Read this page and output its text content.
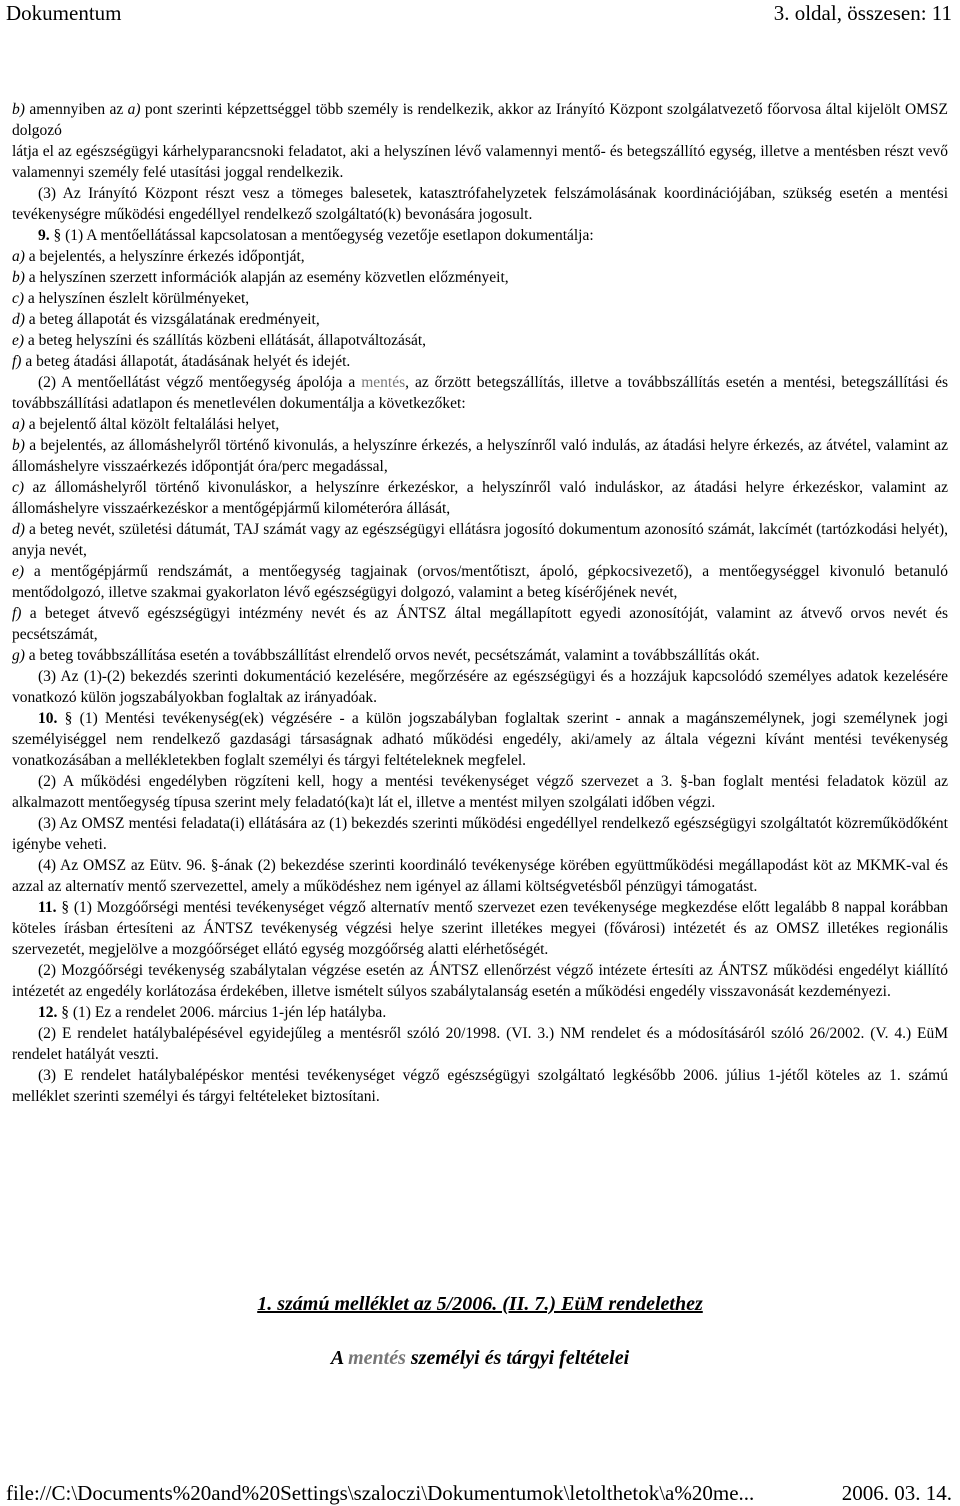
Dokumentum	3. oldal, összesen: 11

b) amennyiben az a) pont szerinti képzettséggel több személy is rendelkezik, akkor az Irányító Központ szolgálatvezető főorvosa által kijelölt OMSZ dolgozó

látja el az egészségügyi kárhelyparancsnoki feladatot, aki a helyszínen lévő valamennyi mentő- és betegszállító egység, illetve a mentésben részt vevő valamennyi személy felé utasítási joggal rendelkezik.

(3) Az Irányító Központ részt vesz a tömeges balesetek, katasztrófahelyzetek felszámolásának koordinációjában, szükség esetén a mentési tevékenységre működési engedéllyel rendelkező szolgáltató(k) bevonására jogosult.

9. § (1) A mentőellátással kapcsolatosan a mentőegység vezetője esetlapon dokumentálja:

a) a bejelentés, a helyszínre érkezés időpontját,

b) a helyszínen szerzett információk alapján az esemény közvetlen előzményeit,

c) a helyszínen észlelt körülményeket,

d) a beteg állapotát és vizsgálatának eredményeit,

e) a beteg helyszíni és szállítás közbeni ellátását, állapotváltozását,

f) a beteg átadási állapotát, átadásának helyét és idejét.

(2) A mentőellátást végző mentőegység ápolója a mentés, az őrzött betegszállítás, illetve a továbbszállítás esetén a mentési, betegszállítási és továbbszállítási adatlapon és menetlevélen dokumentálja a következőket:

a) a bejelentő által közölt feltalálási helyet,

b) a bejelentés, az állomáshelyről történő kivonulás, a helyszínre érkezés, a helyszínről való indulás, az átadási helyre érkezés, az átvétel, valamint az állomáshelyre visszaérkezés időpontját óra/perc megadással,

c) az állomáshelyről történő kivonuláskor, a helyszínre érkezéskor, a helyszínről való induláskor, az átadási helyre érkezéskor, valamint az állomáshelyre visszaérkezéskor a mentőgépjármű kilométeróra állását,

d) a beteg nevét, születési dátumát, TAJ számát vagy az egészségügyi ellátásra jogosító dokumentum azonosító számát, lakcímét (tartózkodási helyét), anyja nevét,

e) a mentőgépjármű rendszámát, a mentőegység tagjainak (orvos/mentőtiszt, ápoló, gépkocsivezető), a mentőegységgel kivonuló betanuló mentődolgozó, illetve szakmai gyakorlaton lévő egészségügyi dolgozó, valamint a beteg kísérőjének nevét,

f) a beteget átvevő egészségügyi intézmény nevét és az ÁNTSZ által megállapított egyedi azonosítóját, valamint az átvevő orvos nevét és pecsétszámát,

g) a beteg továbbszállítása esetén a továbbszállítást elrendelő orvos nevét, pecsétszámát, valamint a továbbszállítás okát.

(3) Az (1)-(2) bekezdés szerinti dokumentáció kezelésére, megőrzésére az egészségügyi és a hozzájuk kapcsolódó személyes adatok kezelésére vonatkozó külön jogszabályokban foglaltak az irányadóak.

10. § (1) Mentési tevékenység(ek) végzésére - a külön jogszabályban foglaltak szerint - annak a magánszemélynek, jogi személynek jogi személyiséggel nem rendelkező gazdasági társaságnak adható működési engedély, aki/amely az általa végezni kívánt mentési tevékenység vonatkozásában a mellékletekben foglalt személyi és tárgyi feltételeknek megfelel.

(2) A működési engedélyben rögzíteni kell, hogy a mentési tevékenységet végző szervezet a 3. §-ban foglalt mentési feladatok közül az alkalmazott mentőegység típusa szerint mely feladató(ka)t lát el, illetve a mentést milyen szolgálati időben végzi.

(3) Az OMSZ mentési feladata(i) ellátására az (1) bekezdés szerinti működési engedéllyel rendelkező egészségügyi szolgáltatót közreműködőként igénybe veheti.

(4) Az OMSZ az Eütv. 96. §-ának (2) bekezdése szerinti koordináló tevékenysége körében együttműködési megállapodást köt az MKMK-val és azzal az alternatív mentő szervezettel, amely a működéshez nem igényel az állami költségvetésből pénzügyi támogatást.

11. § (1) Mozgóőrségi mentési tevékenységet végző alternatív mentő szervezet ezen tevékenysége megkezdése előtt legalább 8 nappal korábban köteles írásban értesíteni az ÁNTSZ tevékenység végzési helye szerint illetékes megyei (fővárosi) intézetét és az OMSZ illetékes regionális szervezetét, megjelölve a mozgóőrséget ellátó egység mozgóőrség alatti elérhetőségét.

(2) Mozgóőrségi tevékenység szabálytalan végzése esetén az ÁNTSZ ellenőrzést végző intézete értesíti az ÁNTSZ működési engedélyt kiállító intézetét az engedély korlátozása érdekében, illetve ismételt súlyos szabálytalanság esetén a működési engedély visszavonását kezdeményezi.

12. § (1) Ez a rendelet 2006. március 1-jén lép hatályba.

(2) E rendelet hatálybalépésével egyidejűleg a mentésről szóló 20/1998. (VI. 3.) NM rendelet és a módosításáról szóló 26/2002. (V. 4.) EüM rendelet hatályát veszti.

(3) E rendelet hatálybalépéskor mentési tevékenységet végző egészségügyi szolgáltató legkésőbb 2006. július 1-jétől köteles az 1. számú melléklet szerinti személyi és tárgyi feltételeket biztosítani.

1. számú melléklet az 5/2006. (II. 7.) EüM rendelethez

A mentés személyi és tárgyi feltételei

file://C:\Documents%20and%20Settings\szaloczi\Dokumentumok\letolthetok\a%20me...	2006. 03. 14.
